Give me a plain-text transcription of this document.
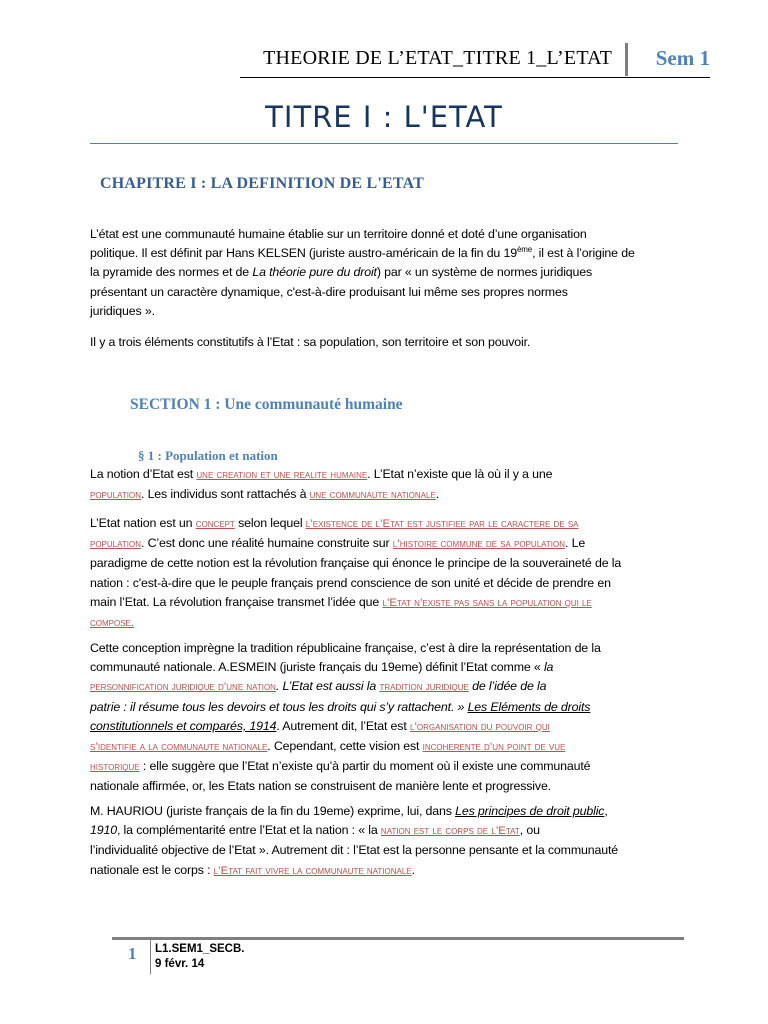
THEORIE DE L’ETAT_TITRE 1_L’ETAT Sem 1
TITRE I : L'ETAT
CHAPITRE I : LA DEFINITION DE L'ETAT
L’état est une communauté humaine établie sur un territoire donné et doté d’une organisation
politique. Il est définit par Hans KELSEN (juriste austro-américain de la fin du 19ème, il est à l’origine de
la pyramide des normes et de La théorie pure du droit) par « un système de normes juridiques
présentant un caractère dynamique, c'est-à-dire produisant lui même ses propres normes
juridiques ».

Il y a trois éléments constitutifs à l’Etat : sa population, son territoire et son pouvoir.

SECTION 1 : Une communauté humaine
§ 1 : Population et nation
La notion d’Etat est une creation et une realite humaine. L’Etat n’existe que là où il y a une
population. Les individus sont rattachés à une communaute nationale.
L’Etat nation est un concept selon lequel l’existence de l’Etat est justifiee par le caractere de sa
population. C’est donc une réalité humaine construite sur l’histoire commune de sa population. Le
paradigme de cette notion est la révolution française qui énonce le principe de la souveraineté de la
nation : c'est-à-dire que le peuple français prend conscience de son unité et décide de prendre en
main l’Etat. La révolution française transmet l’idée que l’Etat n’existe pas sans la population qui le
compose.
Cette conception imprègne la tradition républicaine française, c’est à dire la représentation de la
communauté nationale. A.ESMEIN (juriste français du 19eme) définit l’Etat comme « la
personnification juridique d’une nation. L’Etat est aussi la tradition juridique de l’idée de la
patrie : il résume tous les devoirs et tous les droits qui s’y rattachent. » Les Eléments de droits
constitutionnels et comparés, 1914. Autrement dit, l’Etat est l’organisation du pouvoir qui
s’identifie a la communaute nationale. Cependant, cette vision est incoherente d’un point de vue
historique : elle suggère que l’Etat n’existe qu’à partir du moment où il existe une communauté
nationale affirmée, or, les Etats nation se construisent de manière lente et progressive.
M. HAURIOU (juriste français de la fin du 19eme) exprime, lui, dans Les principes de droit public,
1910, la complémentarité entre l’Etat et la nation : « la nation est le corps de l’Etat, ou
l’individualité objective de l’Etat ». Autrement dit : l’Etat est la personne pensante et la communauté
nationale est le corps : l’Etat fait vivre la communaute nationale.
1 L1.SEM1_SECB.
9 févr. 14
